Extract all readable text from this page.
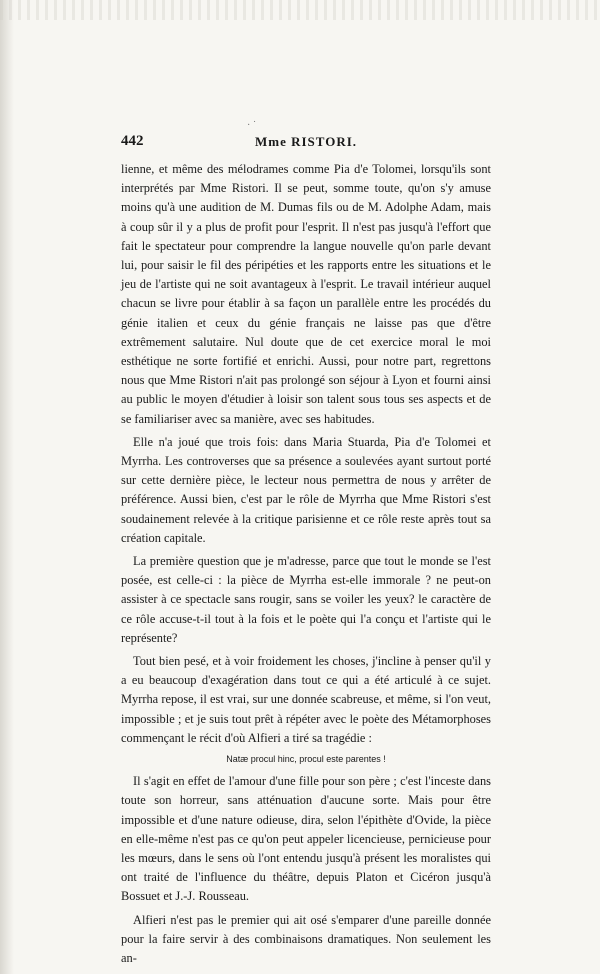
· ˙
442	Mme RISTORI.

lienne, et même des mélodrames comme Pia d'e Tolomei, lorsqu'ils sont interprétés par Mme Ristori. Il se peut, somme toute, qu'on s'y amuse moins qu'à une audition de M. Dumas fils ou de M. Adolphe Adam, mais à coup sûr il y a plus de profit pour l'esprit. Il n'est pas jusqu'à l'effort que fait le spectateur pour comprendre la langue nouvelle qu'on parle devant lui, pour saisir le fil des péripéties et les rapports entre les situations et le jeu de l'artiste qui ne soit avantageux à l'esprit. Le travail intérieur auquel chacun se livre pour établir à sa façon un parallèle entre les procédés du génie italien et ceux du génie français ne laisse pas que d'être extrêmement salutaire. Nul doute que de cet exercice moral le moi esthétique ne sorte fortifié et enrichi. Aussi, pour notre part, regrettons nous que Mme Ristori n'ait pas prolongé son séjour à Lyon et fourni ainsi au public le moyen d'étudier à loisir son talent sous tous ses aspects et de se familiariser avec sa manière, avec ses habitudes.

Elle n'a joué que trois fois: dans Maria Stuarda, Pia d'e Tolomei et Myrrha. Les controverses que sa présence a soulevées ayant surtout porté sur cette dernière pièce, le lecteur nous permettra de nous y arrêter de préférence. Aussi bien, c'est par le rôle de Myrrha que Mme Ristori s'est soudainement relevée à la critique parisienne et ce rôle reste après tout sa création capitale.

La première question que je m'adresse, parce que tout le monde se l'est posée, est celle-ci : la pièce de Myrrha est-elle immorale ? ne peut-on assister à ce spectacle sans rougir, sans se voiler les yeux? le caractère de ce rôle accuse-t-il tout à la fois et le poète qui l'a conçu et l'artiste qui le représente?

Tout bien pesé, et à voir froidement les choses, j'incline à penser qu'il y a eu beaucoup d'exagération dans tout ce qui a été articulé à ce sujet. Myrrha repose, il est vrai, sur une donnée scabreuse, et même, si l'on veut, impossible ; et je suis tout prêt à répéter avec le poète des Métamorphoses commençant le récit d'où Alfieri a tiré sa tragédie :

Natæ procul hinc, procul este parentes !

Il s'agit en effet de l'amour d'une fille pour son père ; c'est l'inceste dans toute son horreur, sans atténuation d'aucune sorte. Mais pour être impossible et d'une nature odieuse, dira, selon l'épithète d'Ovide, la pièce en elle-même n'est pas ce qu'on peut appeler licencieuse, pernicieuse pour les mœurs, dans le sens où l'ont entendu jusqu'à présent les moralistes qui ont traité de l'influence du théâtre, depuis Platon et Cicéron jusqu'à Bossuet et J.-J. Rousseau.

Alfieri n'est pas le premier qui ait osé s'emparer d'une pareille donnée pour la faire servir à des combinaisons dramatiques. Non seulement les an-
